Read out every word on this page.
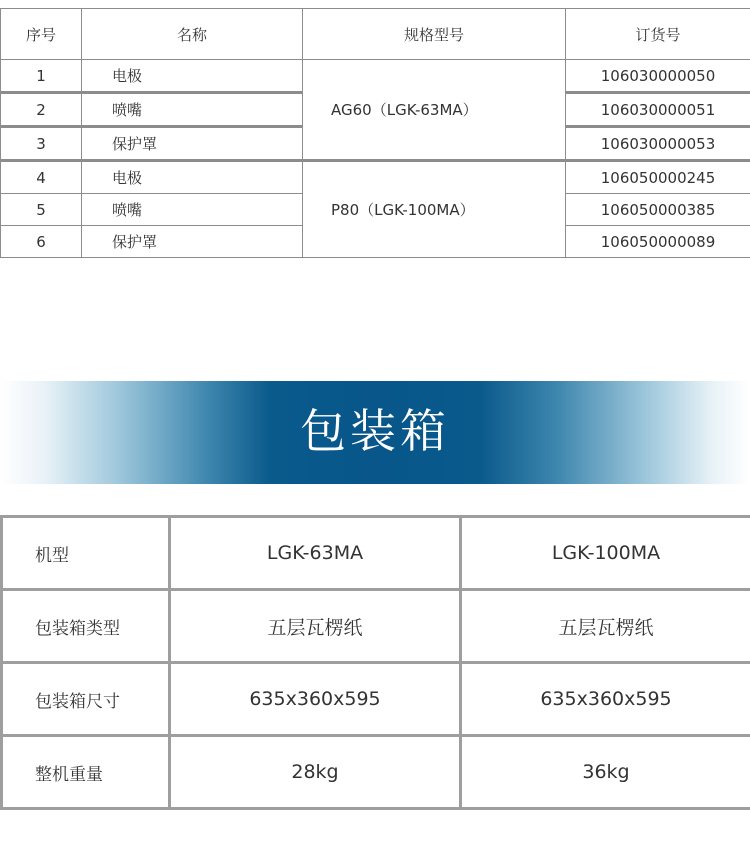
序号	名称	规格型号	订货号
1	电极	AG60（LGK-63MA）	106030000050
2	喷嘴		106030000051
3	保护罩		106030000053
4	电极	P80（LGK-100MA）	106050000245
5	喷嘴		106050000385
6	保护罩		106050000089
包装箱
机型	LGK-63MA	LGK-100MA
包装箱类型	五层瓦楞纸	五层瓦楞纸
包装箱尺寸	635x360x595	635x360x595
整机重量	28kg	36kg
